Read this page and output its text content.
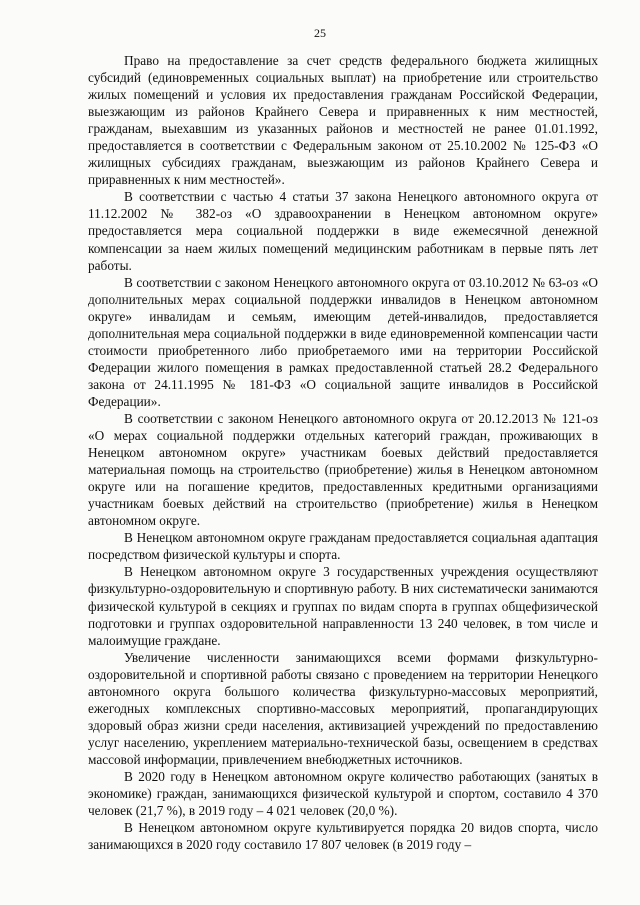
25

Право на предоставление за счет средств федерального бюджета жилищных субсидий (единовременных социальных выплат) на приобретение или строительство жилых помещений и условия их предоставления гражданам Российской Федерации, выезжающим из районов Крайнего Севера и приравненных к ним местностей, гражданам, выехавшим из указанных районов и местностей не ранее 01.01.1992, предоставляется в соответствии с Федеральным законом от 25.10.2002 № 125-ФЗ «О жилищных субсидиях гражданам, выезжающим из районов Крайнего Севера и приравненных к ним местностей».

В соответствии с частью 4 статьи 37 закона Ненецкого автономного округа от 11.12.2002 № 382-оз «О здравоохранении в Ненецком автономном округе» предоставляется мера социальной поддержки в виде ежемесячной денежной компенсации за наем жилых помещений медицинским работникам в первые пять лет работы.

В соответствии с законом Ненецкого автономного округа от 03.10.2012 № 63-оз «О дополнительных мерах социальной поддержки инвалидов в Ненецком автономном округе» инвалидам и семьям, имеющим детей-инвалидов, предоставляется дополнительная мера социальной поддержки в виде единовременной компенсации части стоимости приобретенного либо приобретаемого ими на территории Российской Федерации жилого помещения в рамках предоставленной статьей 28.2 Федерального закона от 24.11.1995 № 181-ФЗ «О социальной защите инвалидов в Российской Федерации».

В соответствии с законом Ненецкого автономного округа от 20.12.2013 № 121-оз «О мерах социальной поддержки отдельных категорий граждан, проживающих в Ненецком автономном округе» участникам боевых действий предоставляется материальная помощь на строительство (приобретение) жилья в Ненецком автономном округе или на погашение кредитов, предоставленных кредитными организациями участникам боевых действий на строительство (приобретение) жилья в Ненецком автономном округе.

В Ненецком автономном округе гражданам предоставляется социальная адаптация посредством физической культуры и спорта.

В Ненецком автономном округе 3 государственных учреждения осуществляют физкультурно-оздоровительную и спортивную работу. В них систематически занимаются физической культурой в секциях и группах по видам спорта в группах общефизической подготовки и группах оздоровительной направленности 13 240 человек, в том числе и малоимущие граждане.

Увеличение численности занимающихся всеми формами физкультурно-оздоровительной и спортивной работы связано с проведением на территории Ненецкого автономного округа большого количества физкультурно-массовых мероприятий, ежегодных комплексных спортивно-массовых мероприятий, пропагандирующих здоровый образ жизни среди населения, активизацией учреждений по предоставлению услуг населению, укреплением материально-технической базы, освещением в средствах массовой информации, привлечением внебюджетных источников.

В 2020 году в Ненецком автономном округе количество работающих (занятых в экономике) граждан, занимающихся физической культурой и спортом, составило 4 370 человек (21,7 %), в 2019 году – 4 021 человек (20,0 %).

В Ненецком автономном округе культивируется порядка 20 видов спорта, число занимающихся в 2020 году составило 17 807 человек (в 2019 году –
